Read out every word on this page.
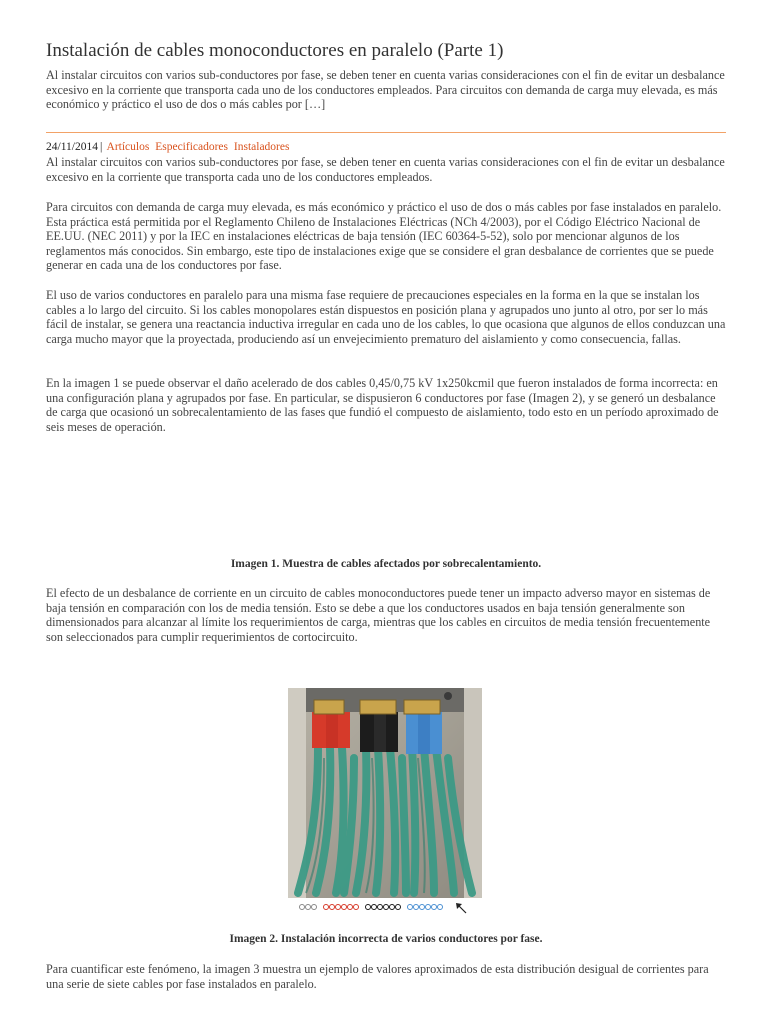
Instalación de cables monoconductores en paralelo (Parte 1)

Al instalar circuitos con varios sub-conductores por fase, se deben tener en cuenta varias consideraciones con el fin de evitar un desbalance excesivo en la corriente que transporta cada uno de los conductores empleados. Para circuitos con demanda de carga muy elevada, es más económico y práctico el uso de dos o más cables por […]

24/11/2014 | Artículos Especificadores Instaladores

Al instalar circuitos con varios sub-conductores por fase, se deben tener en cuenta varias consideraciones con el fin de evitar un desbalance excesivo en la corriente que transporta cada uno de los conductores empleados.

Para circuitos con demanda de carga muy elevada, es más económico y práctico el uso de dos o más cables por fase instalados en paralelo. Esta práctica está permitida por el Reglamento Chileno de Instalaciones Eléctricas (NCh 4/2003), por el Código Eléctrico Nacional de EE.UU. (NEC 2011) y por la IEC en instalaciones eléctricas de baja tensión (IEC 60364-5-52), solo por mencionar algunos de los reglamentos más conocidos. Sin embargo, este tipo de instalaciones exige que se considere el gran desbalance de corrientes que se puede generar en cada una de los conductores por fase.

El uso de varios conductores en paralelo para una misma fase requiere de precauciones especiales en la forma en la que se instalan los cables a lo largo del circuito. Si los cables monopolares están dispuestos en posición plana y agrupados uno junto al otro, por ser lo más fácil de instalar, se genera una reactancia inductiva irregular en cada uno de los cables, lo que ocasiona que algunos de ellos conduzcan una carga mucho mayor que la proyectada, produciendo así un envejecimiento prematuro del aislamiento y como consecuencia, fallas.

En la imagen 1 se puede observar el daño acelerado de dos cables 0,45/0,75 kV 1x250kcmil que fueron instalados de forma incorrecta: en una configuración plana y agrupados por fase. En particular, se dispusieron 6 conductores por fase (Imagen 2), y se generó un desbalance de carga que ocasionó un sobrecalentamiento de las fases que fundió el compuesto de aislamiento, todo esto en un período aproximado de seis meses de operación.

Imagen 1. Muestra de cables afectados por sobrecalentamiento.

El efecto de un desbalance de corriente en un circuito de cables monoconductores puede tener un impacto adverso mayor en sistemas de baja tensión en comparación con los de media tensión. Esto se debe a que los conductores usados en baja tensión generalmente son dimensionados para alcanzar al límite los requerimientos de carga, mientras que los cables en circuitos de media tensión frecuentemente son seleccionados para cumplir requerimientos de cortocircuito.

Imagen 2. Instalación incorrecta de varios conductores por fase.

Para cuantificar este fenómeno, la imagen 3 muestra un ejemplo de valores aproximados de esta distribución desigual de corrientes para una serie de siete cables por fase instalados en paralelo.
